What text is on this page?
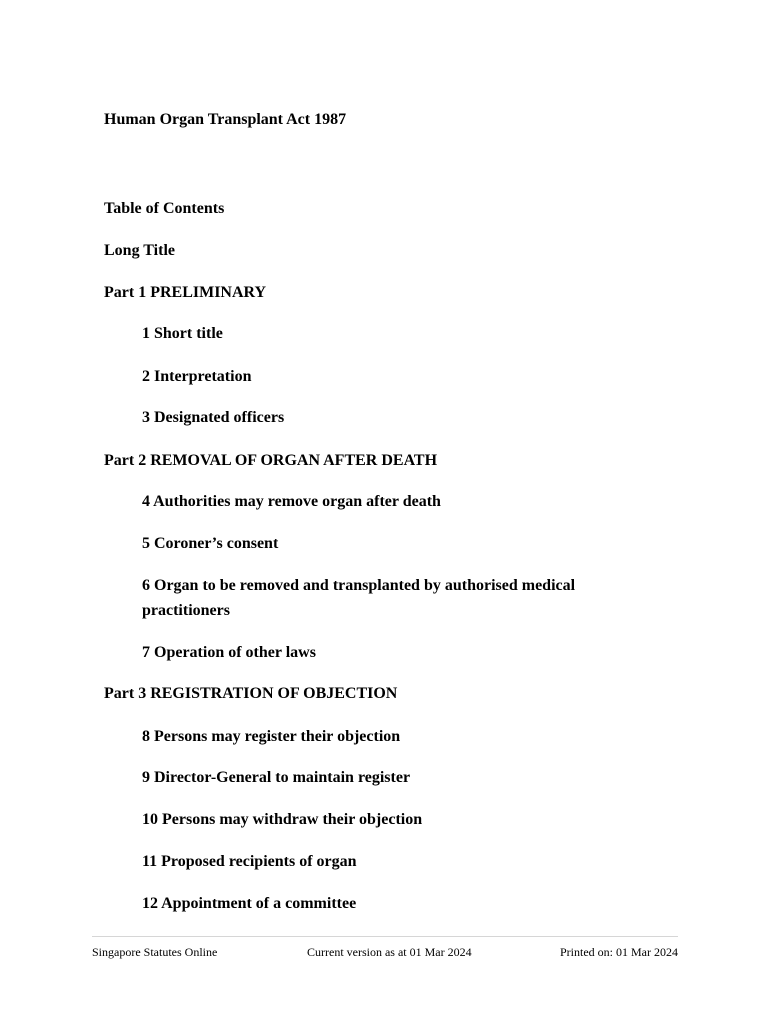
Human Organ Transplant Act 1987

Table of Contents

Long Title

Part 1 PRELIMINARY

1 Short title

2 Interpretation

3 Designated officers

Part 2 REMOVAL OF ORGAN AFTER DEATH

4 Authorities may remove organ after death

5 Coroner’s consent

6 Organ to be removed and transplanted by authorised medical practitioners

7 Operation of other laws

Part 3 REGISTRATION OF OBJECTION

8 Persons may register their objection

9 Director-General to maintain register

10 Persons may withdraw their objection

11 Proposed recipients of organ

12 Appointment of a committee

Singapore Statutes Online	Current version as at 01 Mar 2024	Printed on: 01 Mar 2024
